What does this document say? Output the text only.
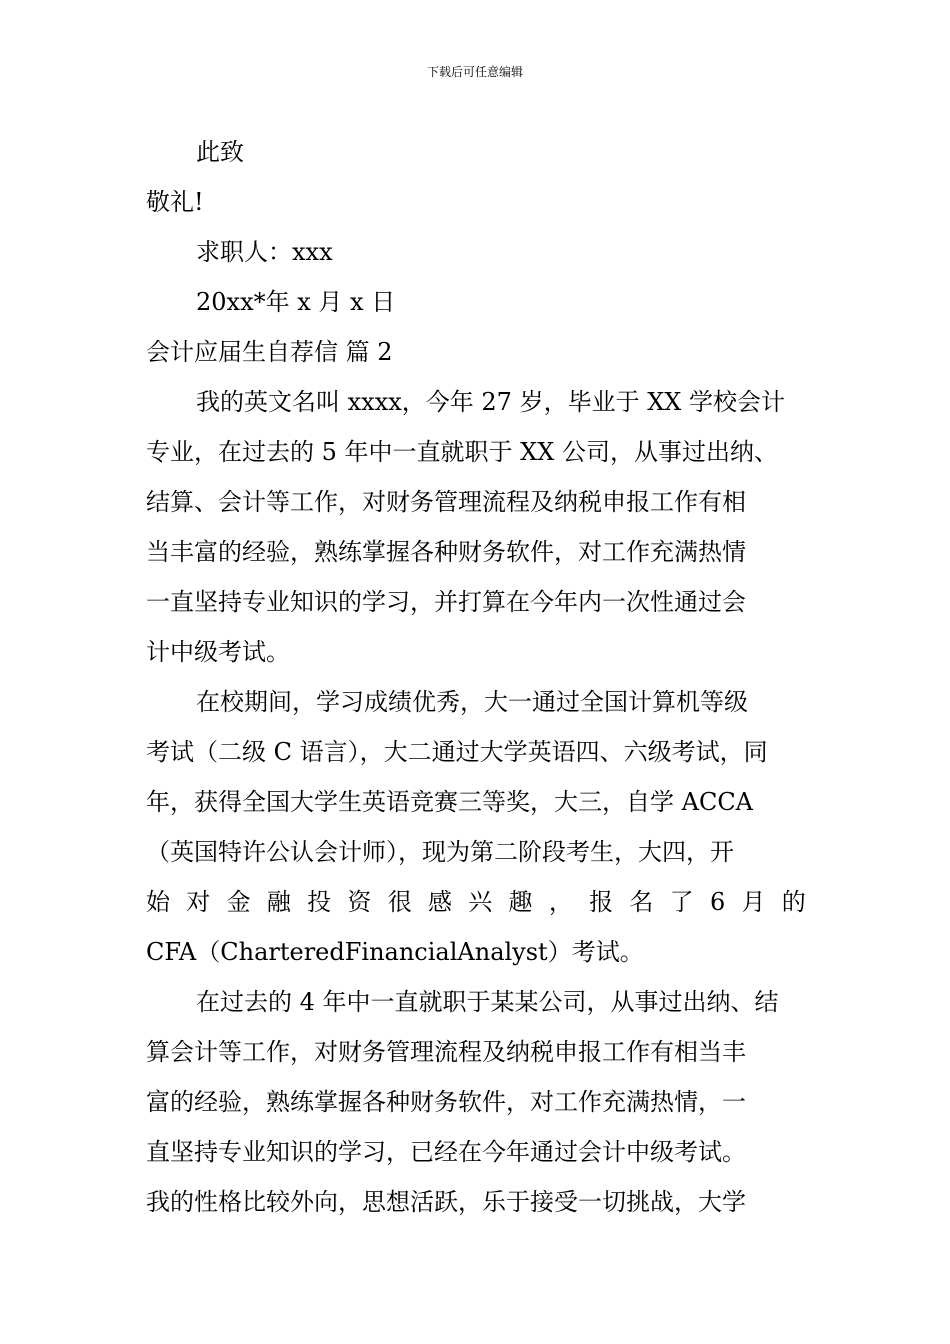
下载后可任意编辑
此致
敬礼!
求职人：xxx
20xx*年 x 月 x 日
会计应届生自荐信 篇 2
我的英文名叫 xxxx，今年 27 岁，毕业于 XX 学校会计
专业，在过去的 5 年中一直就职于 XX 公司，从事过出纳、
结算、会计等工作，对财务管理流程及纳税申报工作有相
当丰富的经验，熟练掌握各种财务软件，对工作充满热情
一直坚持专业知识的学习，并打算在今年内一次性通过会
计中级考试。
在校期间，学习成绩优秀，大一通过全国计算机等级
考试（二级 C 语言），大二通过大学英语四、六级考试，同
年，获得全国大学生英语竞赛三等奖，大三，自学 ACCA
（英国特许公认会计师），现为第二阶段考生，大四，开
始 对 金 融 投 资 很 感 兴 趣 ， 报 名 了 6 月 的
CFA（CharteredFinancialAnalyst）考试。
在过去的 4 年中一直就职于某某公司，从事过出纳、结
算会计等工作，对财务管理流程及纳税申报工作有相当丰
富的经验，熟练掌握各种财务软件，对工作充满热情，一
直坚持专业知识的学习，已经在今年通过会计中级考试。
我的性格比较外向，思想活跃，乐于接受一切挑战，大学
